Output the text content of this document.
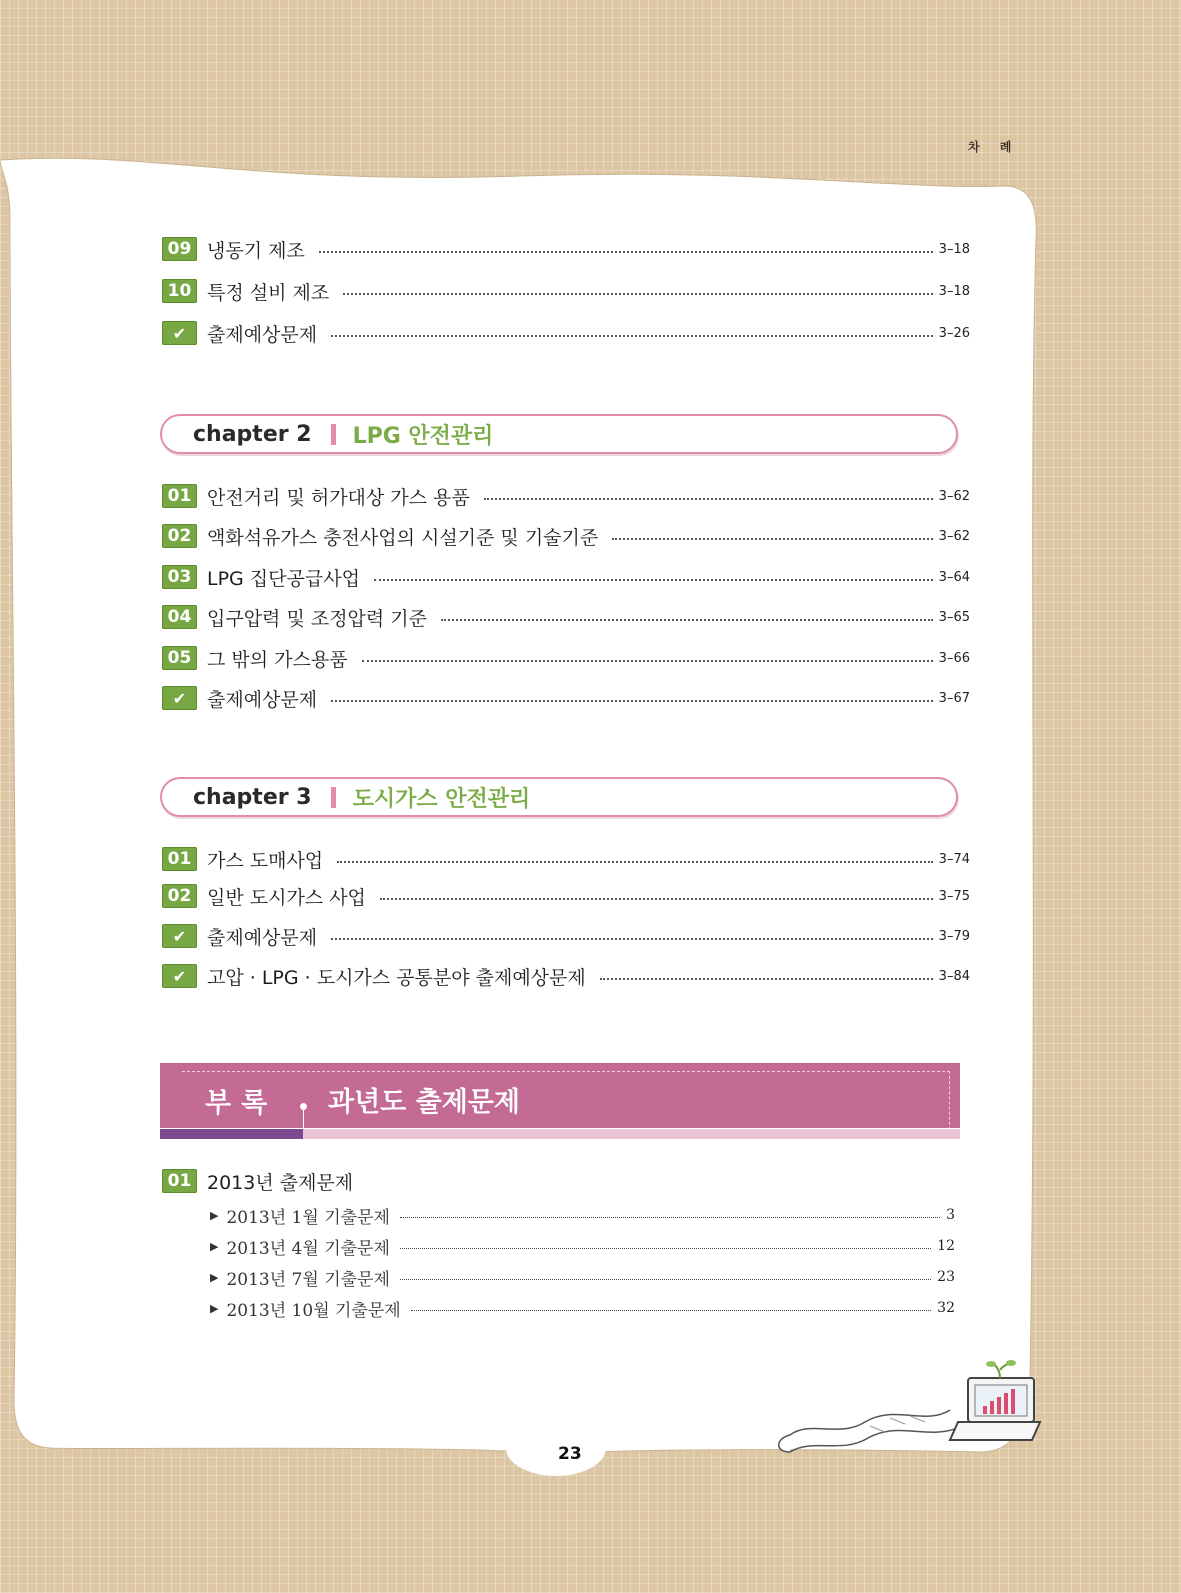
차 례
09 냉동기 제조	3–18
10 특정 설비 제조	3–18
✔	출제예상문제	3–26
chapter 2 LPG 안전관리
01 안전거리 및 허가대상 가스 용품	3–62
02 액화석유가스 충전사업의 시설기준 및 기술기준	3–62
03 LPG 집단공급사업	3–64
04 입구압력 및 조정압력 기준	3–65
05 그 밖의 가스용품	3–66
✔	출제예상문제	3–67
chapter 3 도시가스 안전관리
01 가스 도매사업	3–74
02 일반 도시가스 사업	3–75
✔	출제예상문제	3–79
✔	고압 · LPG · 도시가스 공통분야 출제예상문제	3–84
부록 과년도 출제문제
01 2013년 출제문제
▶ 2013년 1월 기출문제	3
▶ 2013년 4월 기출문제	12
▶ 2013년 7월 기출문제	23
▶ 2013년 10월 기출문제	32
23
